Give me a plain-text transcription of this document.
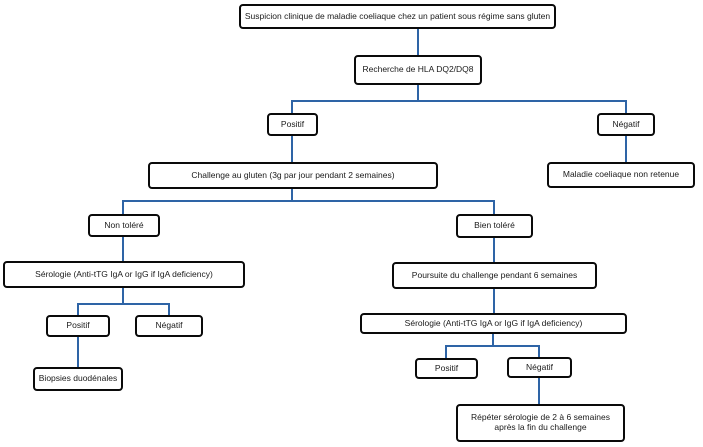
Suspicion clinique de maladie coeliaque chez un patient sous régime sans gluten
Recherche de HLA DQ2/DQ8
Positif	Négatif
Challenge au gluten (3g par jour pendant 2 semaines)	Maladie coeliaque non retenue
Non toléré	Bien toléré
Sérologie (Anti-tTG IgA or IgG if IgA deficiency)	Poursuite du challenge pendant 6 semaines
Positif	Négatif
Biopsies duodénales
Sérologie (Anti-tTG IgA or IgG if IgA deficiency)
Positif	Négatif
Répéter sérologie de 2 à 6 semaines après la fin du challenge
